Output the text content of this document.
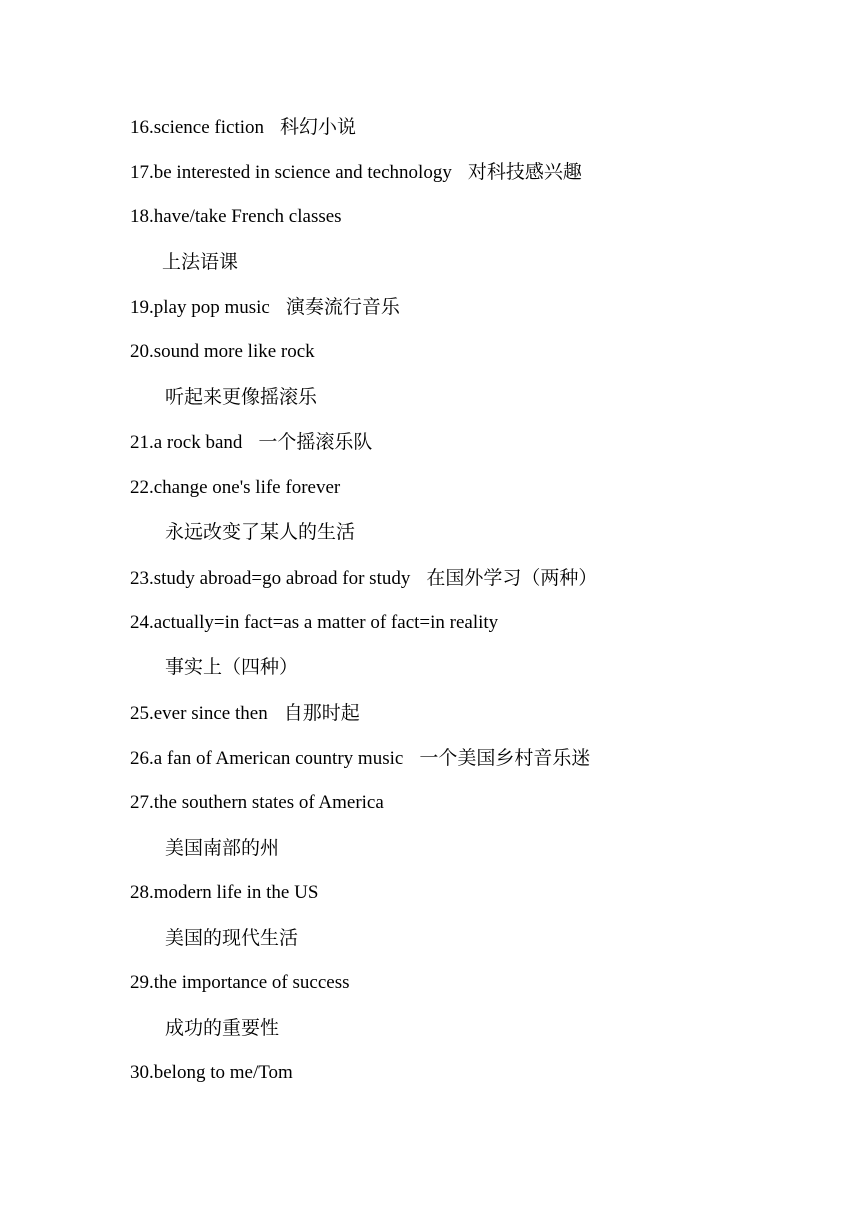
16.science fiction 科幻小说
17.be interested in science and technology 对科技感兴趣
18.have/take French classes
上法语课
19.play pop music 演奏流行音乐
20.sound more like rock
听起来更像摇滚乐
21.a rock band 一个摇滚乐队
22.change one's life forever
永远改变了某人的生活
23.study abroad=go abroad for study 在国外学习（两种）
24.actually=in fact=as a matter of fact=in reality
事实上（四种）
25.ever since then 自那时起
26.a fan of American country music 一个美国乡村音乐迷
27.the southern states of America
美国南部的州
28.modern life in the US
美国的现代生活
29.the importance of success
成功的重要性
30.belong to me/Tom
